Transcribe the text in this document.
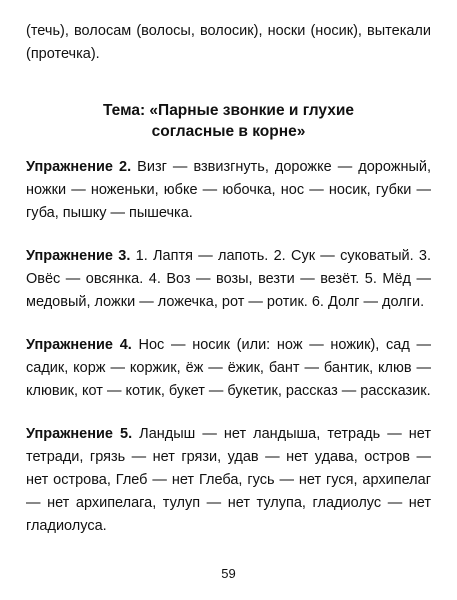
(течь), волосам (волосы, волосик), носки (носик), вытекали (протечка).

Тема: «Парные звонкие и глухие
согласные в корне»

Упражнение 2. Визг — взвизгнуть, дорожке — дорожный, ножки — ноженьки, юбке — юбочка, нос — носик, губки — губа, пышку — пышечка.

Упражнение 3. 1. Лаптя — лапоть. 2. Сук — суковатый. 3. Овёс — овсянка. 4. Воз — возы, везти — везёт. 5. Мёд — медовый, ложки — ложечка, рот — ротик. 6. Долг — долги.

Упражнение 4. Нос — носик (или: нож — ножик), сад — садик, корж — коржик, ёж — ёжик, бант — бантик, клюв — клювик, кот — котик, букет — букетик, рассказ — рассказик.

Упражнение 5. Ландыш — нет ландыша, тетрадь — нет тетради, грязь — нет грязи, удав — нет удава, остров — нет острова, Глеб — нет Глеба, гусь — нет гуся, архипелаг — нет архипелага, тулуп — нет тулупа, гладиолус — нет гладиолуса.

59
